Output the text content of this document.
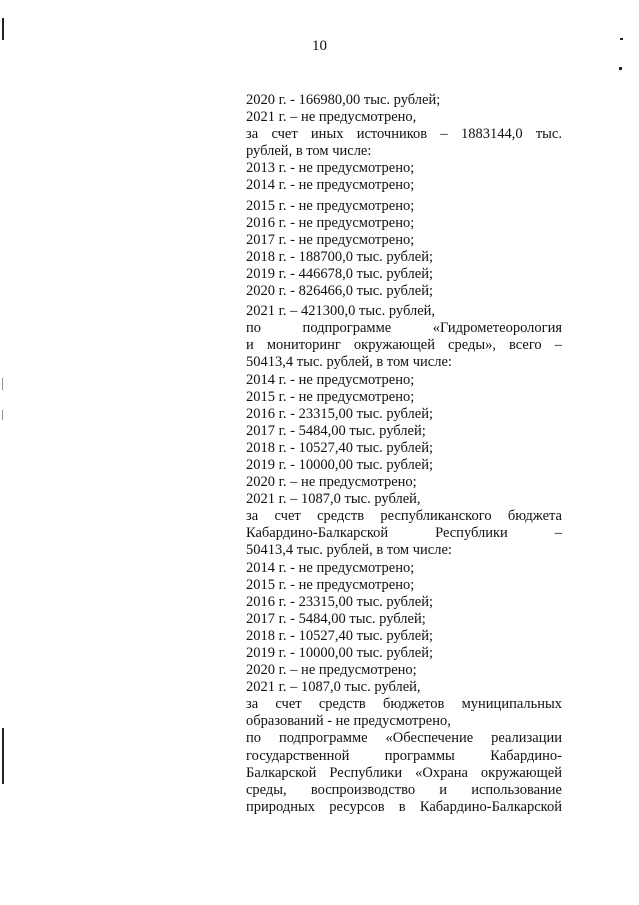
10
2020 г. - 166980,00 тыс. рублей;
2021 г. – не предусмотрено,
за счет иных источников – 1883144,0 тыс.
рублей, в том числе:
2013 г. - не предусмотрено;
2014 г. - не предусмотрено;
2015 г. - не предусмотрено;
2016 г. - не предусмотрено;
2017 г. - не предусмотрено;
2018 г. - 188700,0 тыс. рублей;
2019 г. - 446678,0 тыс. рублей;
2020 г. - 826466,0 тыс. рублей;
2021 г. – 421300,0 тыс. рублей,
по подпрограмме «Гидрометеорология
и мониторинг окружающей среды», всего –
50413,4 тыс. рублей, в том числе:
2014 г. - не предусмотрено;
2015 г. - не предусмотрено;
2016 г. - 23315,00 тыс. рублей;
2017 г. - 5484,00 тыс. рублей;
2018 г. - 10527,40 тыс. рублей;
2019 г. - 10000,00 тыс. рублей;
2020 г. – не предусмотрено;
2021 г. – 1087,0 тыс. рублей,
за счет средств республиканского бюджета
Кабардино-Балкарской Республики –
50413,4 тыс. рублей, в том числе:
2014 г. - не предусмотрено;
2015 г. - не предусмотрено;
2016 г. - 23315,00 тыс. рублей;
2017 г. - 5484,00 тыс. рублей;
2018 г. - 10527,40 тыс. рублей;
2019 г. - 10000,00 тыс. рублей;
2020 г. – не предусмотрено;
2021 г. – 1087,0 тыс. рублей,
за счет средств бюджетов муниципальных
образований - не предусмотрено,
по подпрограмме «Обеспечение реализации
государственной программы Кабардино-
Балкарской Республики «Охрана окружающей
среды, воспроизводство и использование
природных ресурсов в Кабардино-Балкарской
